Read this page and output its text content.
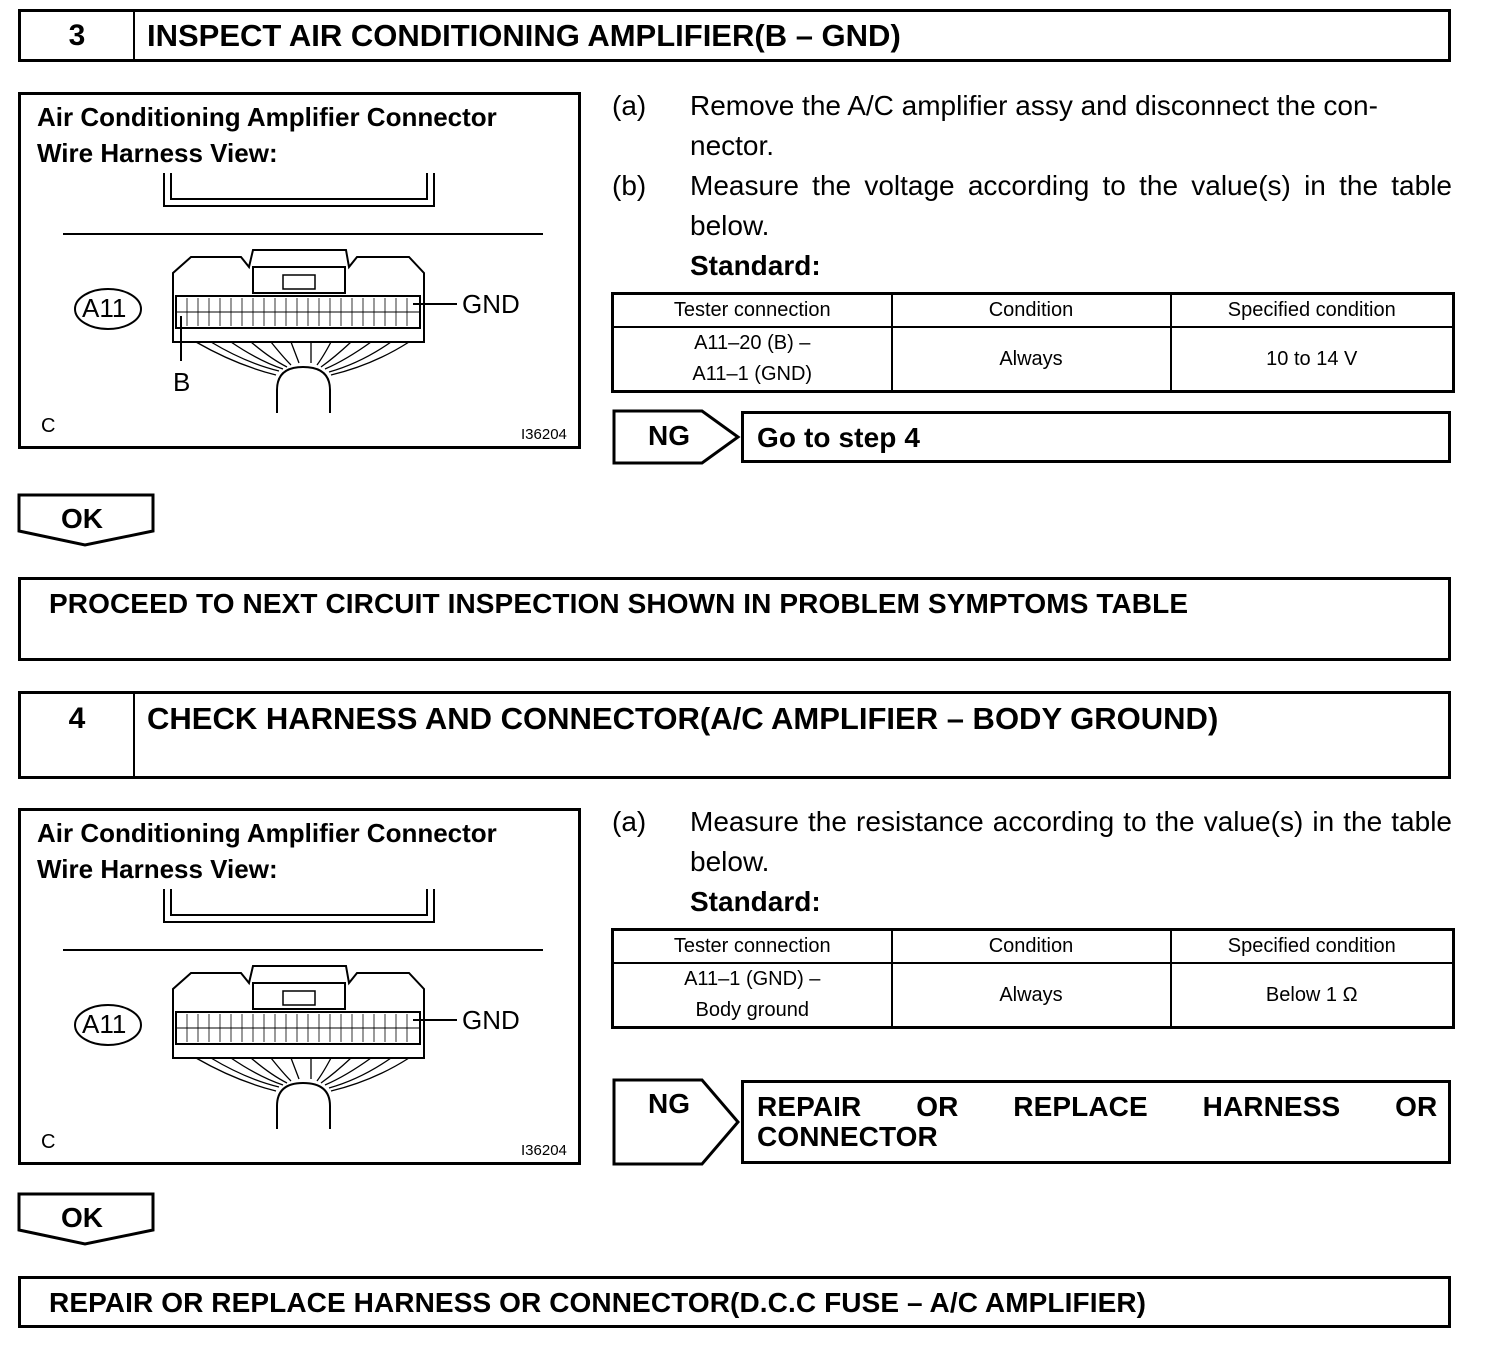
3	INSPECT AIR CONDITIONING AMPLIFIER(B – GND)
Air Conditioning Amplifier Connector
Wire Harness View:
A11	GND
B
C	I36204
(a) Remove the A/C amplifier assy and disconnect the con-
nector.
(b) Measure the voltage according to the value(s) in the table below.
Standard:
Tester connection	Condition	Specified condition

A11–20 (B) –
A11–1 (GND)	Always	10 to 14 V
NG Go to step 4
OK
PROCEED TO NEXT CIRCUIT INSPECTION SHOWN IN PROBLEM SYMPTOMS TABLE
4	CHECK HARNESS AND CONNECTOR(A/C AMPLIFIER – BODY GROUND)
Air Conditioning Amplifier Connector
Wire Harness View:
A11	GND
C	I36204
(a) Measure the resistance according to the value(s) in the table below.
Standard:
Tester connection	Condition	Specified condition

A11–1 (GND) –
Body ground	Always	Below 1 Ω
NG REPAIR OR REPLACE HARNESS OR
CONNECTOR
OK
REPAIR OR REPLACE HARNESS OR CONNECTOR(D.C.C FUSE – A/C AMPLIFIER)
